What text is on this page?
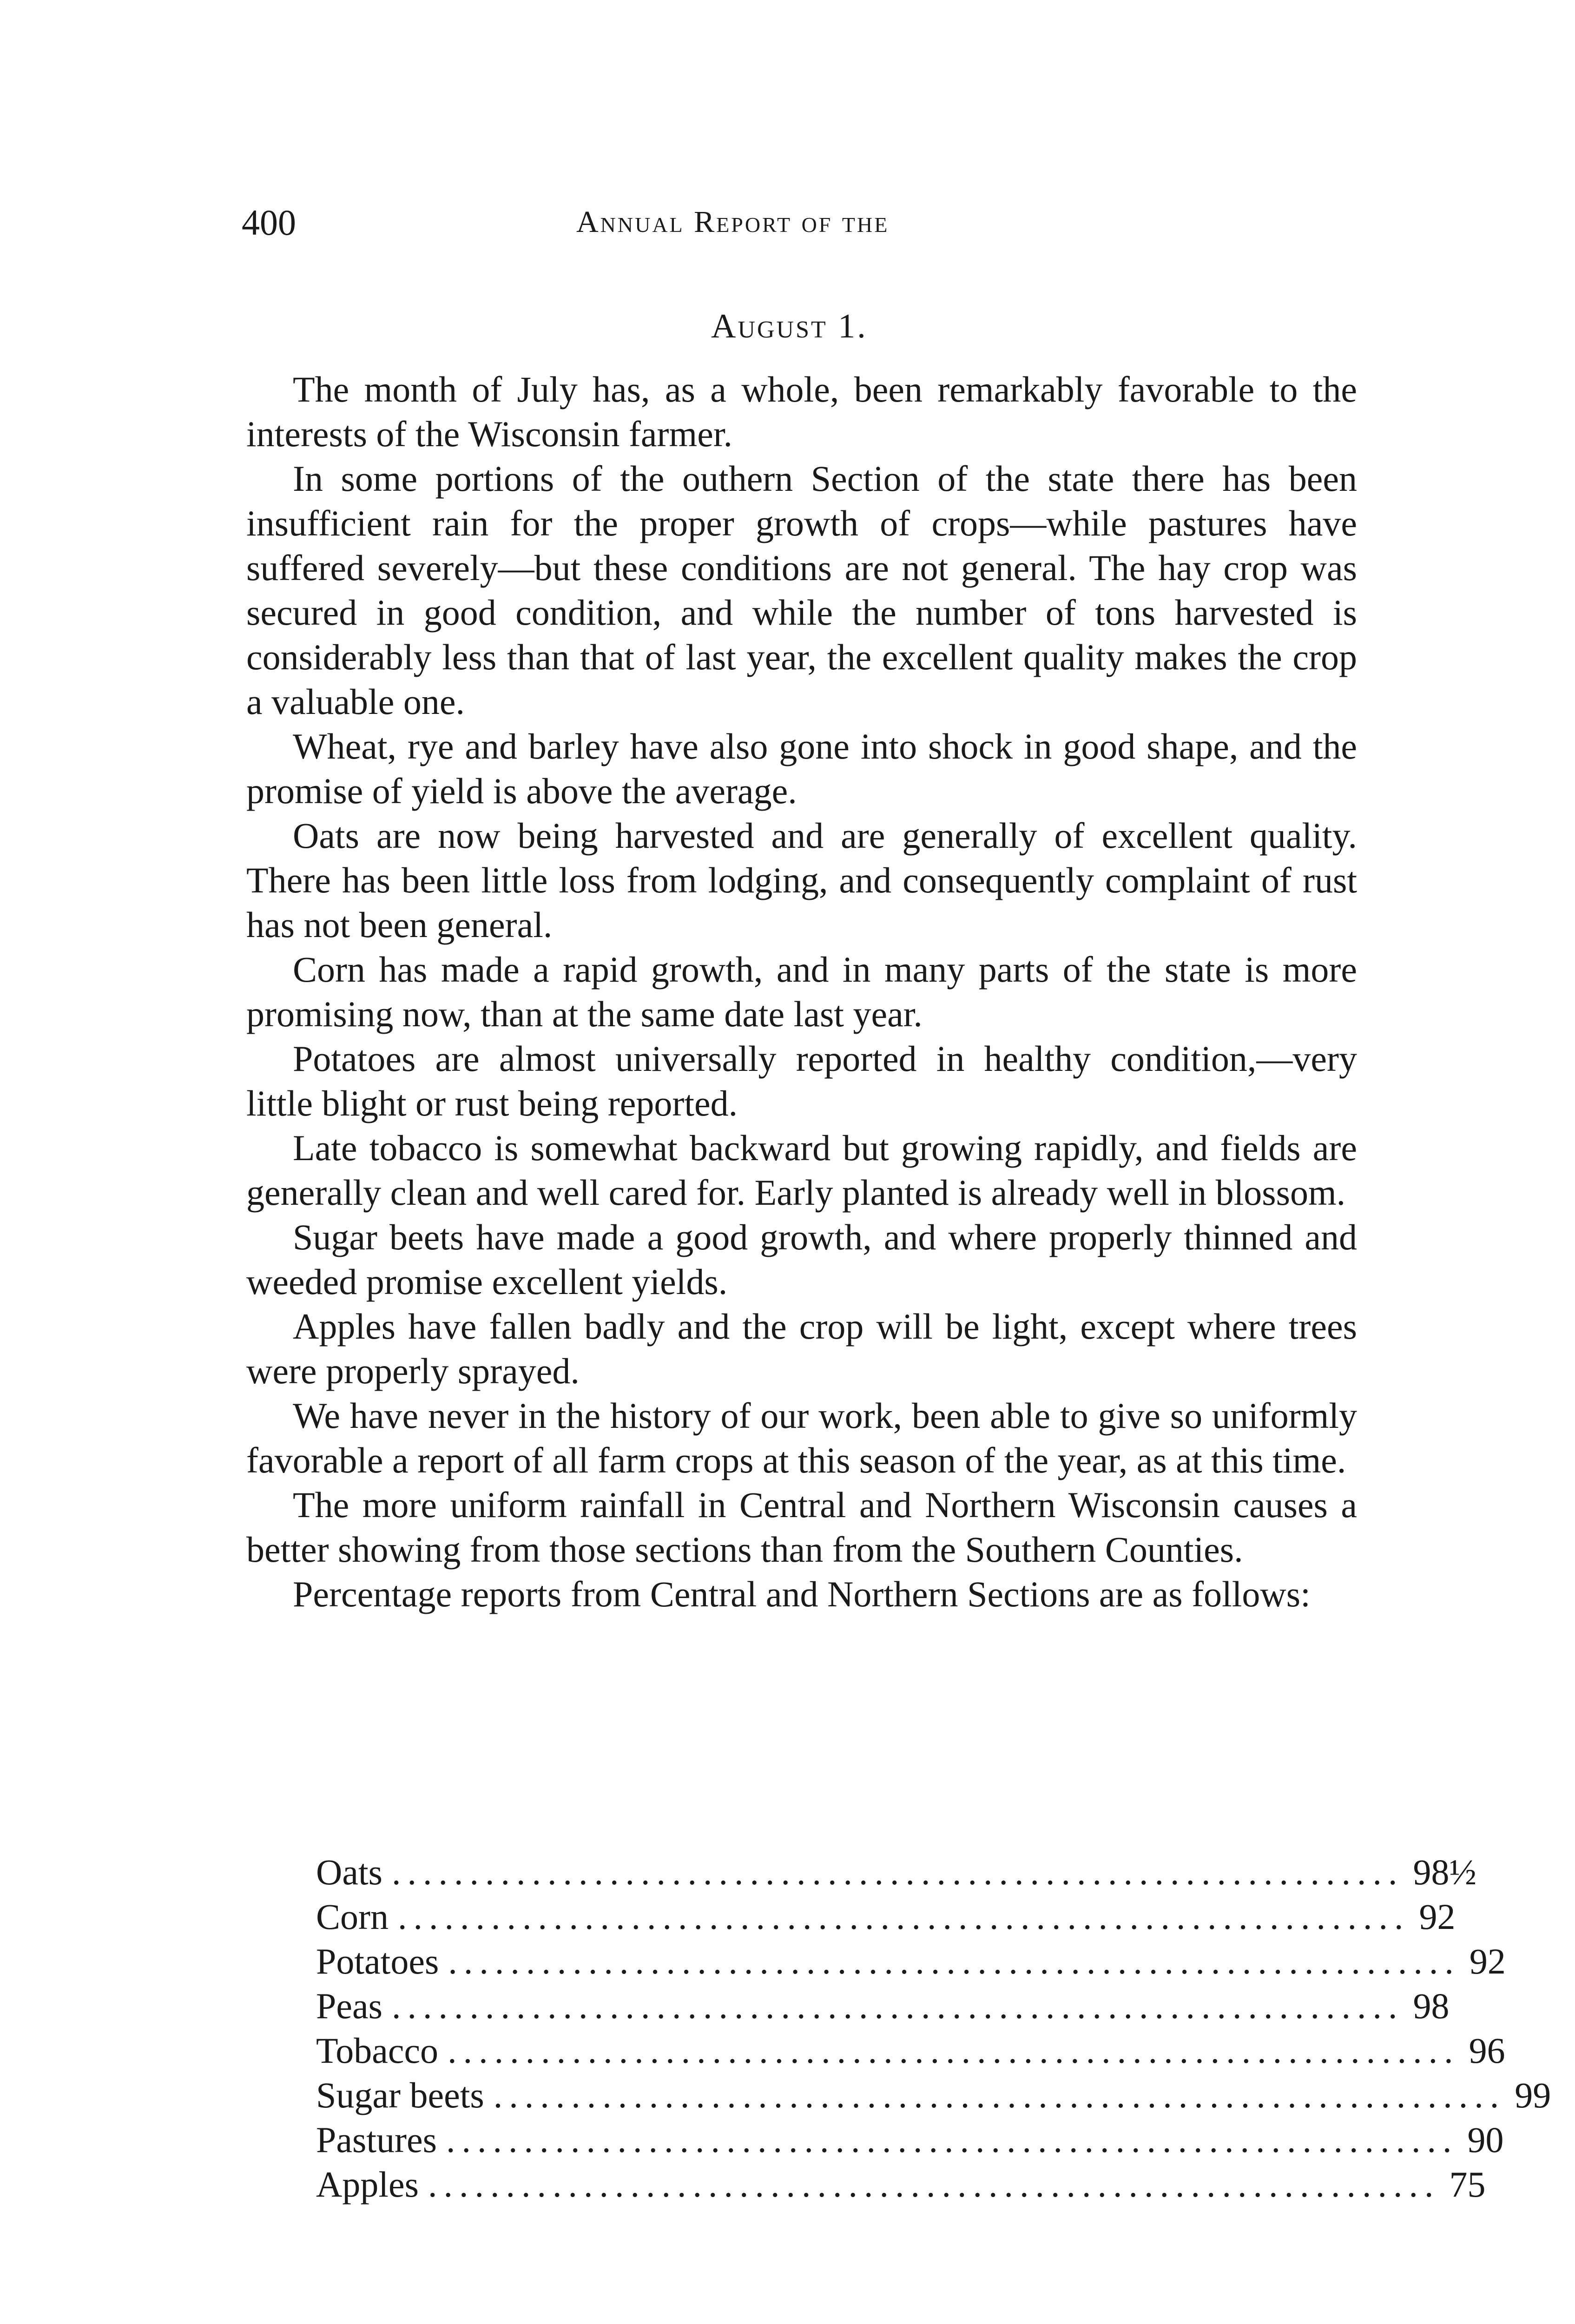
400	Annual Report of the
August 1.

The month of July has, as a whole, been remarkably favorable to the interests of the Wisconsin farmer.

In some portions of the outhern Section of the state there has been insufficient rain for the proper growth of crops—while pastures have suffered severely—but these conditions are not general. The hay crop was secured in good condition, and while the number of tons harvested is considerably less than that of last year, the excellent quality makes the crop a valuable one.

Wheat, rye and barley have also gone into shock in good shape, and the promise of yield is above the average.

Oats are now being harvested and are generally of excellent quality. There has been little loss from lodging, and consequently complaint of rust has not been general.

Corn has made a rapid growth, and in many parts of the state is more promising now, than at the same date last year.

Potatoes are almost universally reported in healthy condition,—very little blight or rust being reported.

Late tobacco is somewhat backward but growing rapidly, and fields are generally clean and well cared for. Early planted is already well in blossom.

Sugar beets have made a good growth, and where properly thinned and weeded promise excellent yields.

Apples have fallen badly and the crop will be light, except where trees were properly sprayed.

We have never in the history of our work, been able to give so uniformly favorable a report of all farm crops at this season of the year, as at this time.

The more uniform rainfall in Central and Northern Wisconsin causes a better showing from those sections than from the Southern Counties.

Percentage reports from Central and Northern Sections are as follows:

Oats ................................................................. 98½
Corn ................................................................. 92
Potatoes ................................................................. 92
Peas ................................................................. 98
Tobacco ................................................................. 96
Sugar beets ................................................................. 99
Pastures ................................................................. 90
Apples ................................................................. 75
